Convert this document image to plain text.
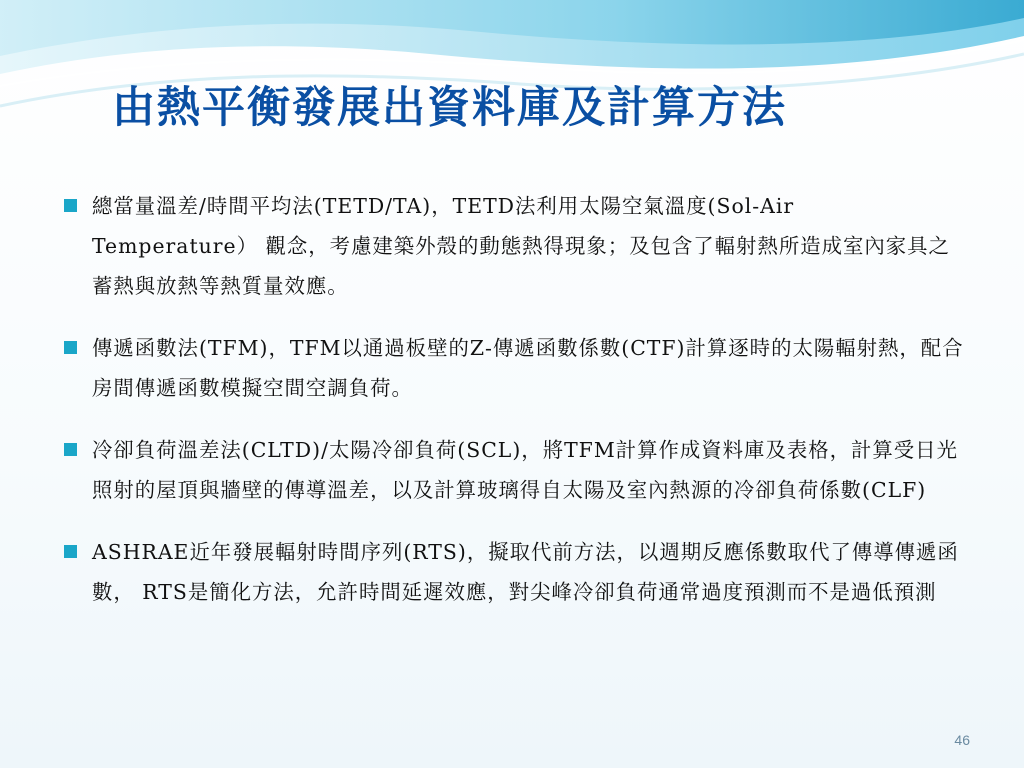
由熱平衡發展出資料庫及計算方法
總當量溫差/時間平均法(TETD/TA)，TETD法利用太陽空氣溫度(Sol-Air Temperature） 觀念，考慮建築外殼的動態熱得現象；及包含了輻射熱所造成室內家具之蓄熱與放熱等熱質量效應。
傳遞函數法(TFM)，TFM以通過板壁的Z-傳遞函數係數(CTF)計算逐時的太陽輻射熱，配合房間傳遞函數模擬空間空調負荷。
冷卻負荷溫差法(CLTD)/太陽冷卻負荷(SCL)，將TFM計算作成資料庫及表格，計算受日光照射的屋頂與牆壁的傳導溫差，以及計算玻璃得自太陽及室內熱源的冷卻負荷係數(CLF)
ASHRAE近年發展輻射時間序列(RTS)，擬取代前方法，以週期反應係數取代了傳導傳遞函數， RTS是簡化方法，允許時間延遲效應，對尖峰冷卻負荷通常過度預測而不是過低預測
46
